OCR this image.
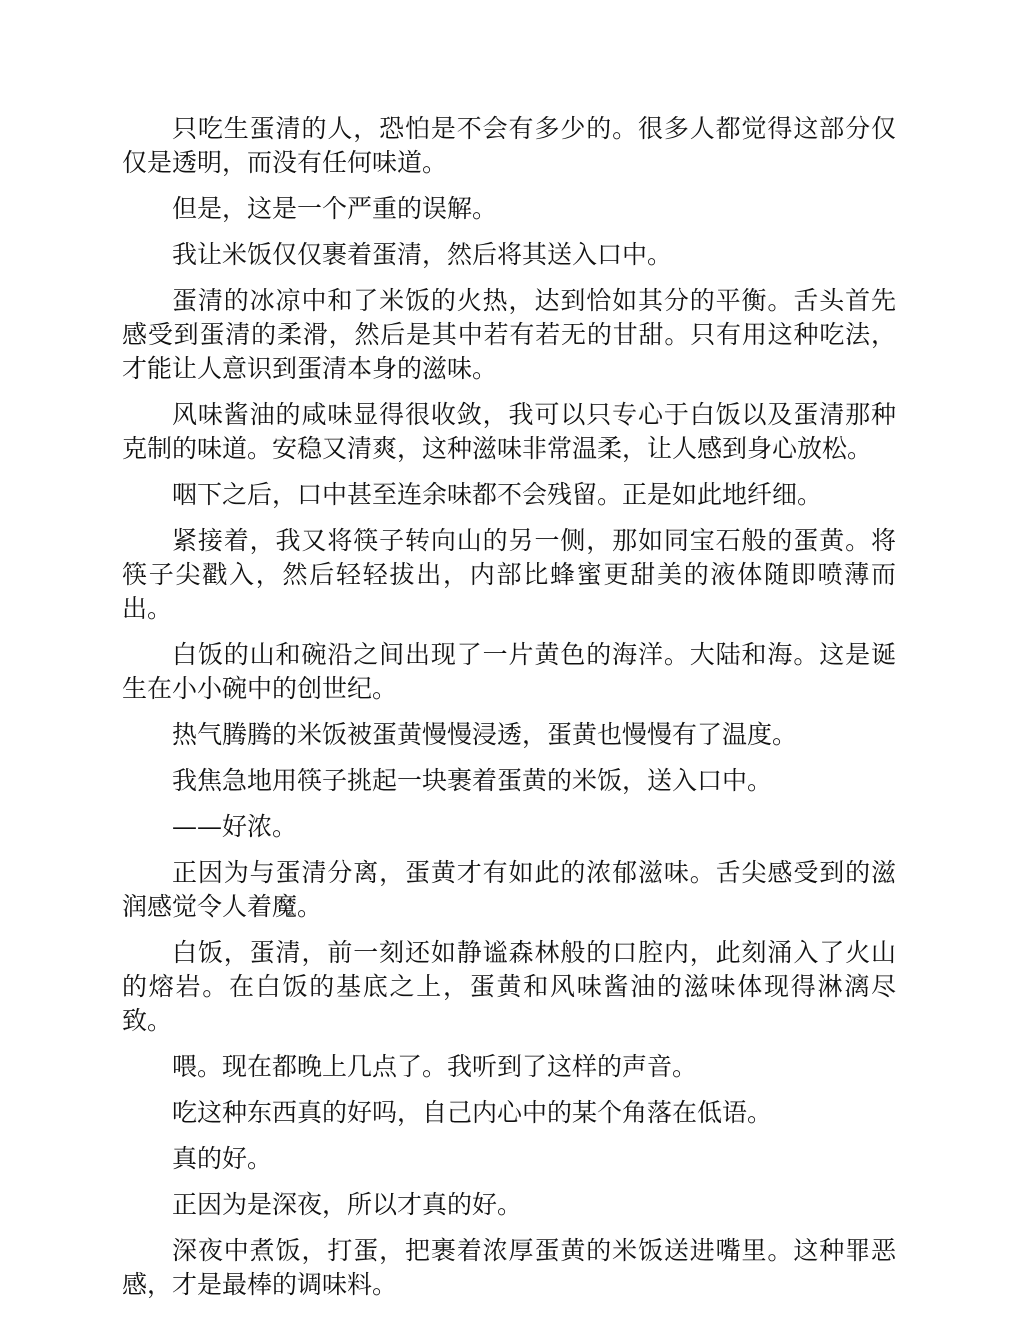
只吃生蛋清的人，恐怕是不会有多少的。很多人都觉得这部分仅仅是透明，而没有任何味道。

但是，这是一个严重的误解。

我让米饭仅仅裹着蛋清，然后将其送入口中。

蛋清的冰凉中和了米饭的火热，达到恰如其分的平衡。舌头首先感受到蛋清的柔滑，然后是其中若有若无的甘甜。只有用这种吃法，才能让人意识到蛋清本身的滋味。

风味酱油的咸味显得很收敛，我可以只专心于白饭以及蛋清那种克制的味道。安稳又清爽，这种滋味非常温柔，让人感到身心放松。

咽下之后，口中甚至连余味都不会残留。正是如此地纤细。

紧接着，我又将筷子转向山的另一侧，那如同宝石般的蛋黄。将筷子尖戳入，然后轻轻拔出，内部比蜂蜜更甜美的液体随即喷薄而出。

白饭的山和碗沿之间出现了一片黄色的海洋。大陆和海。这是诞生在小小碗中的创世纪。

热气腾腾的米饭被蛋黄慢慢浸透，蛋黄也慢慢有了温度。

我焦急地用筷子挑起一块裹着蛋黄的米饭，送入口中。

——好浓。

正因为与蛋清分离，蛋黄才有如此的浓郁滋味。舌尖感受到的滋润感觉令人着魔。

白饭，蛋清，前一刻还如静谧森林般的口腔内，此刻涌入了火山的熔岩。在白饭的基底之上，蛋黄和风味酱油的滋味体现得淋漓尽致。

喂。现在都晚上几点了。我听到了这样的声音。

吃这种东西真的好吗，自己内心中的某个角落在低语。

真的好。

正因为是深夜，所以才真的好。

深夜中煮饭，打蛋，把裹着浓厚蛋黄的米饭送进嘴里。这种罪恶感，才是最棒的调味料。
